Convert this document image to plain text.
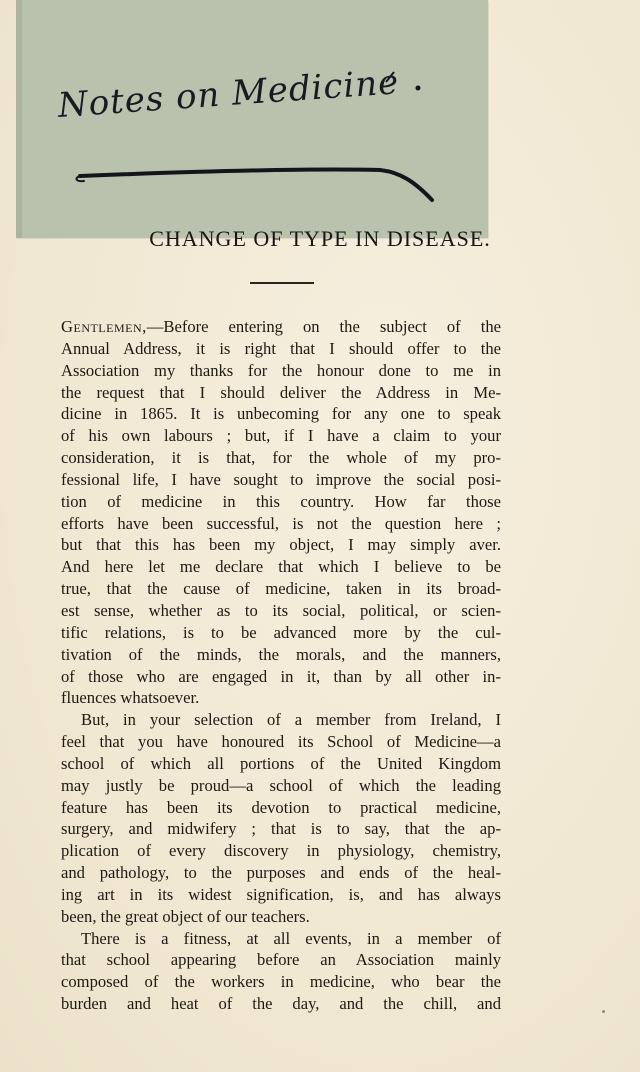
Notes on Medicine
CHANGE OF TYPE IN DISEASE.
Gentlemen,—Before entering on the subject of the
Annual Address, it is right that I should offer to the
Association my thanks for the honour done to me in
the request that I should deliver the Address in Me-
dicine in 1865. It is unbecoming for any one to speak
of his own labours ; but, if I have a claim to your
consideration, it is that, for the whole of my pro-
fessional life, I have sought to improve the social posi-
tion of medicine in this country. How far those
efforts have been successful, is not the question here ;
but that this has been my object, I may simply aver.
And here let me declare that which I believe to be
true, that the cause of medicine, taken in its broad-
est sense, whether as to its social, political, or scien-
tific relations, is to be advanced more by the cul-
tivation of the minds, the morals, and the manners,
of those who are engaged in it, than by all other in-
fluences whatsoever.
But, in your selection of a member from Ireland, I
feel that you have honoured its School of Medicine—a
school of which all portions of the United Kingdom
may justly be proud—a school of which the leading
feature has been its devotion to practical medicine,
surgery, and midwifery ; that is to say, that the ap-
plication of every discovery in physiology, chemistry,
and pathology, to the purposes and ends of the heal-
ing art in its widest signification, is, and has always
been, the great object of our teachers.
There is a fitness, at all events, in a member of
that school appearing before an Association mainly
composed of the workers in medicine, who bear the
burden and heat of the day, and the chill, and
